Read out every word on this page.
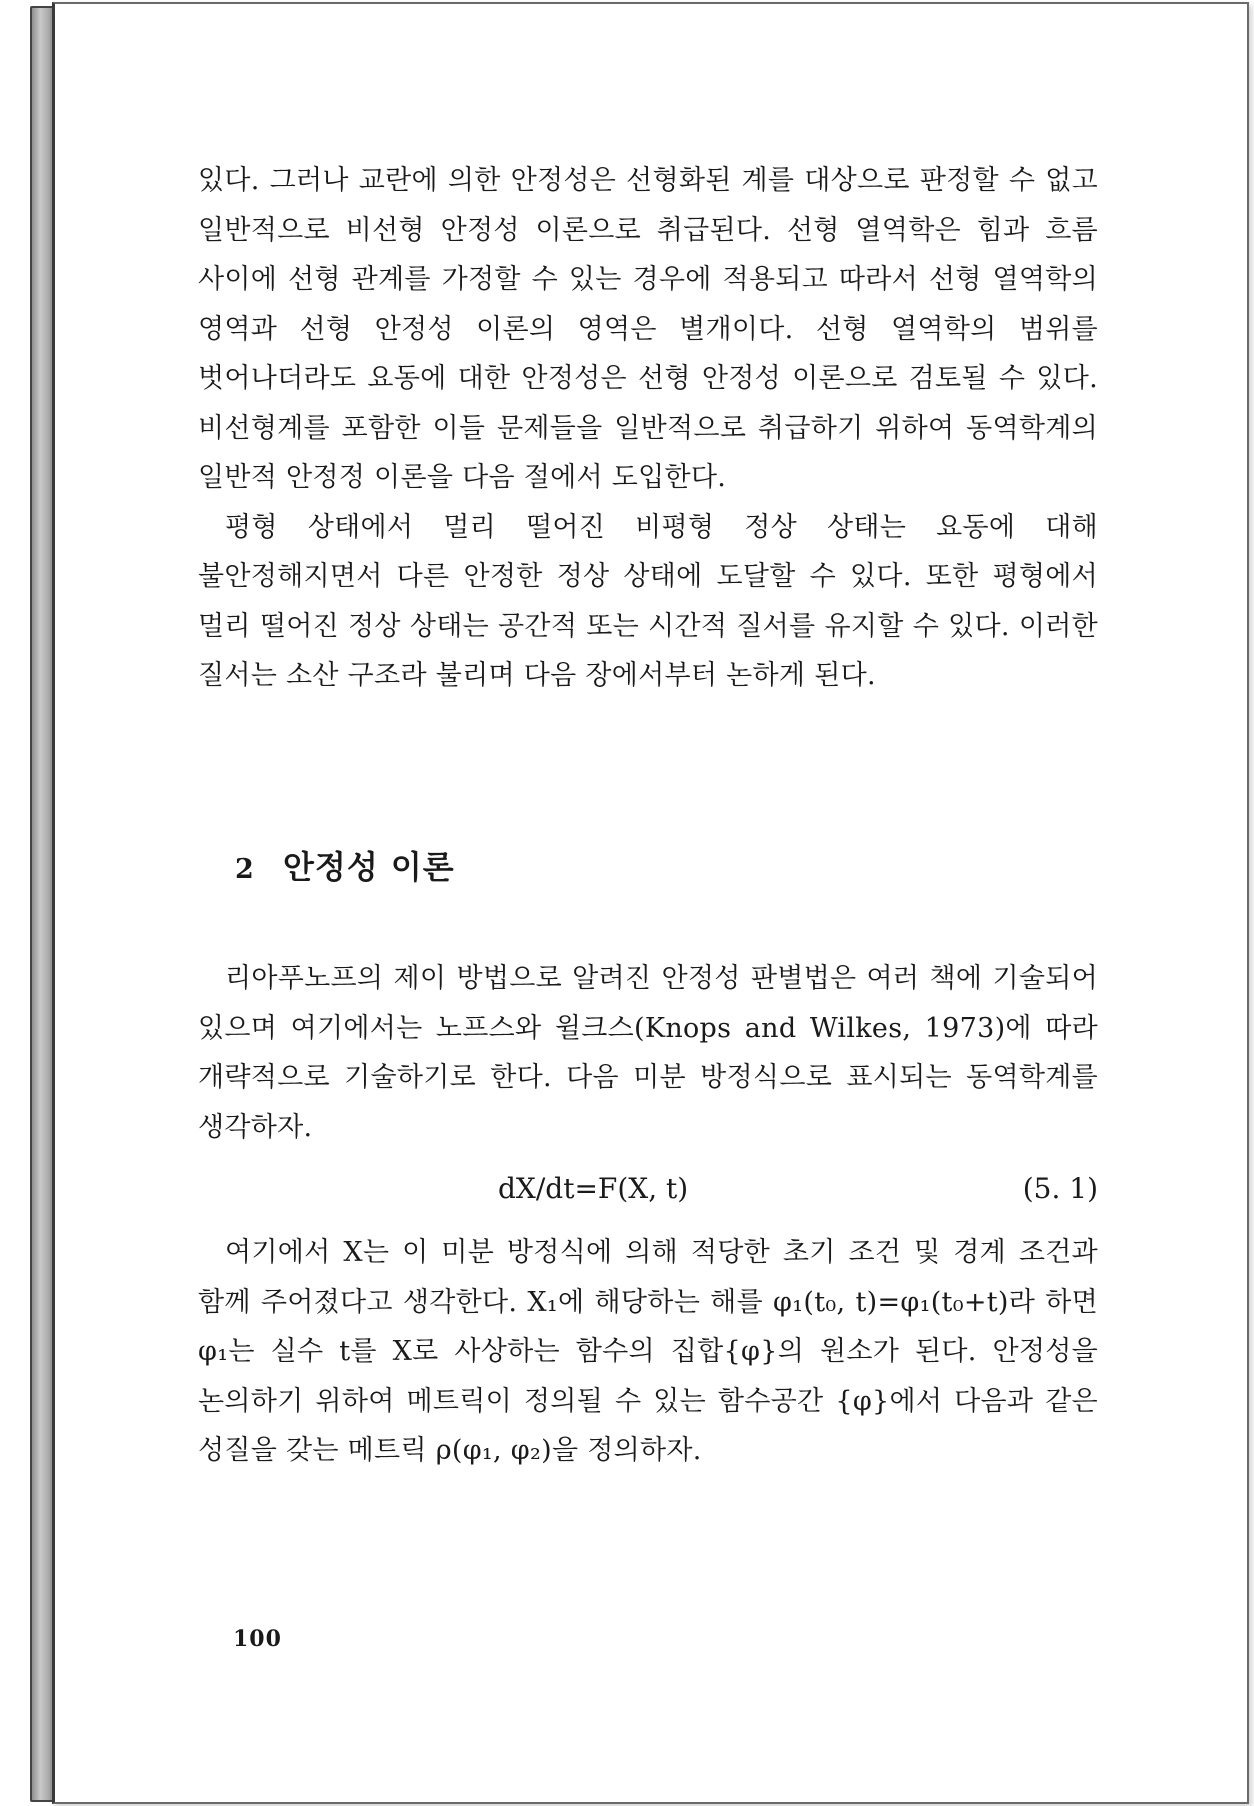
있다. 그러나 교란에 의한 안정성은 선형화된 계를 대상으로 판정할 수 없고 일반적으로 비선형 안정성 이론으로 취급된다. 선형 열역학은 힘과 흐름 사이에 선형 관계를 가정할 수 있는 경우에 적용되고 따라서 선형 열역학의 영역과 선형 안정성 이론의 영역은 별개이다. 선형 열역학의 범위를 벗어나더라도 요동에 대한 안정성은 선형 안정성 이론으로 검토될 수 있다. 비선형계를 포함한 이들 문제들을 일반적으로 취급하기 위하여 동역학계의 일반적 안정정 이론을 다음 절에서 도입한다.

평형 상태에서 멀리 떨어진 비평형 정상 상태는 요동에 대해 불안정해지면서 다른 안정한 정상 상태에 도달할 수 있다. 또한 평형에서 멀리 떨어진 정상 상태는 공간적 또는 시간적 질서를 유지할 수 있다. 이러한 질서는 소산 구조라 불리며 다음 장에서부터 논하게 된다.

2 안정성 이론

리아푸노프의 제이 방법으로 알려진 안정성 판별법은 여러 책에 기술되어 있으며 여기에서는 노프스와 윌크스(Knops and Wilkes, 1973)에 따라 개략적으로 기술하기로 한다. 다음 미분 방정식으로 표시되는 동역학계를 생각하자.

dX/dt=F(X, t)	(5. 1)

여기에서 X는 이 미분 방정식에 의해 적당한 초기 조건 및 경계 조건과 함께 주어졌다고 생각한다. X₁에 해당하는 해를 φ₁(t₀, t)=φ₁(t₀+t)라 하면 φ₁는 실수 t를 X로 사상하는 함수의 집합{φ}의 원소가 된다. 안정성을 논의하기 위하여 메트릭이 정의될 수 있는 함수공간 {φ}에서 다음과 같은 성질을 갖는 메트릭 ρ(φ₁, φ₂)을 정의하자.

100
